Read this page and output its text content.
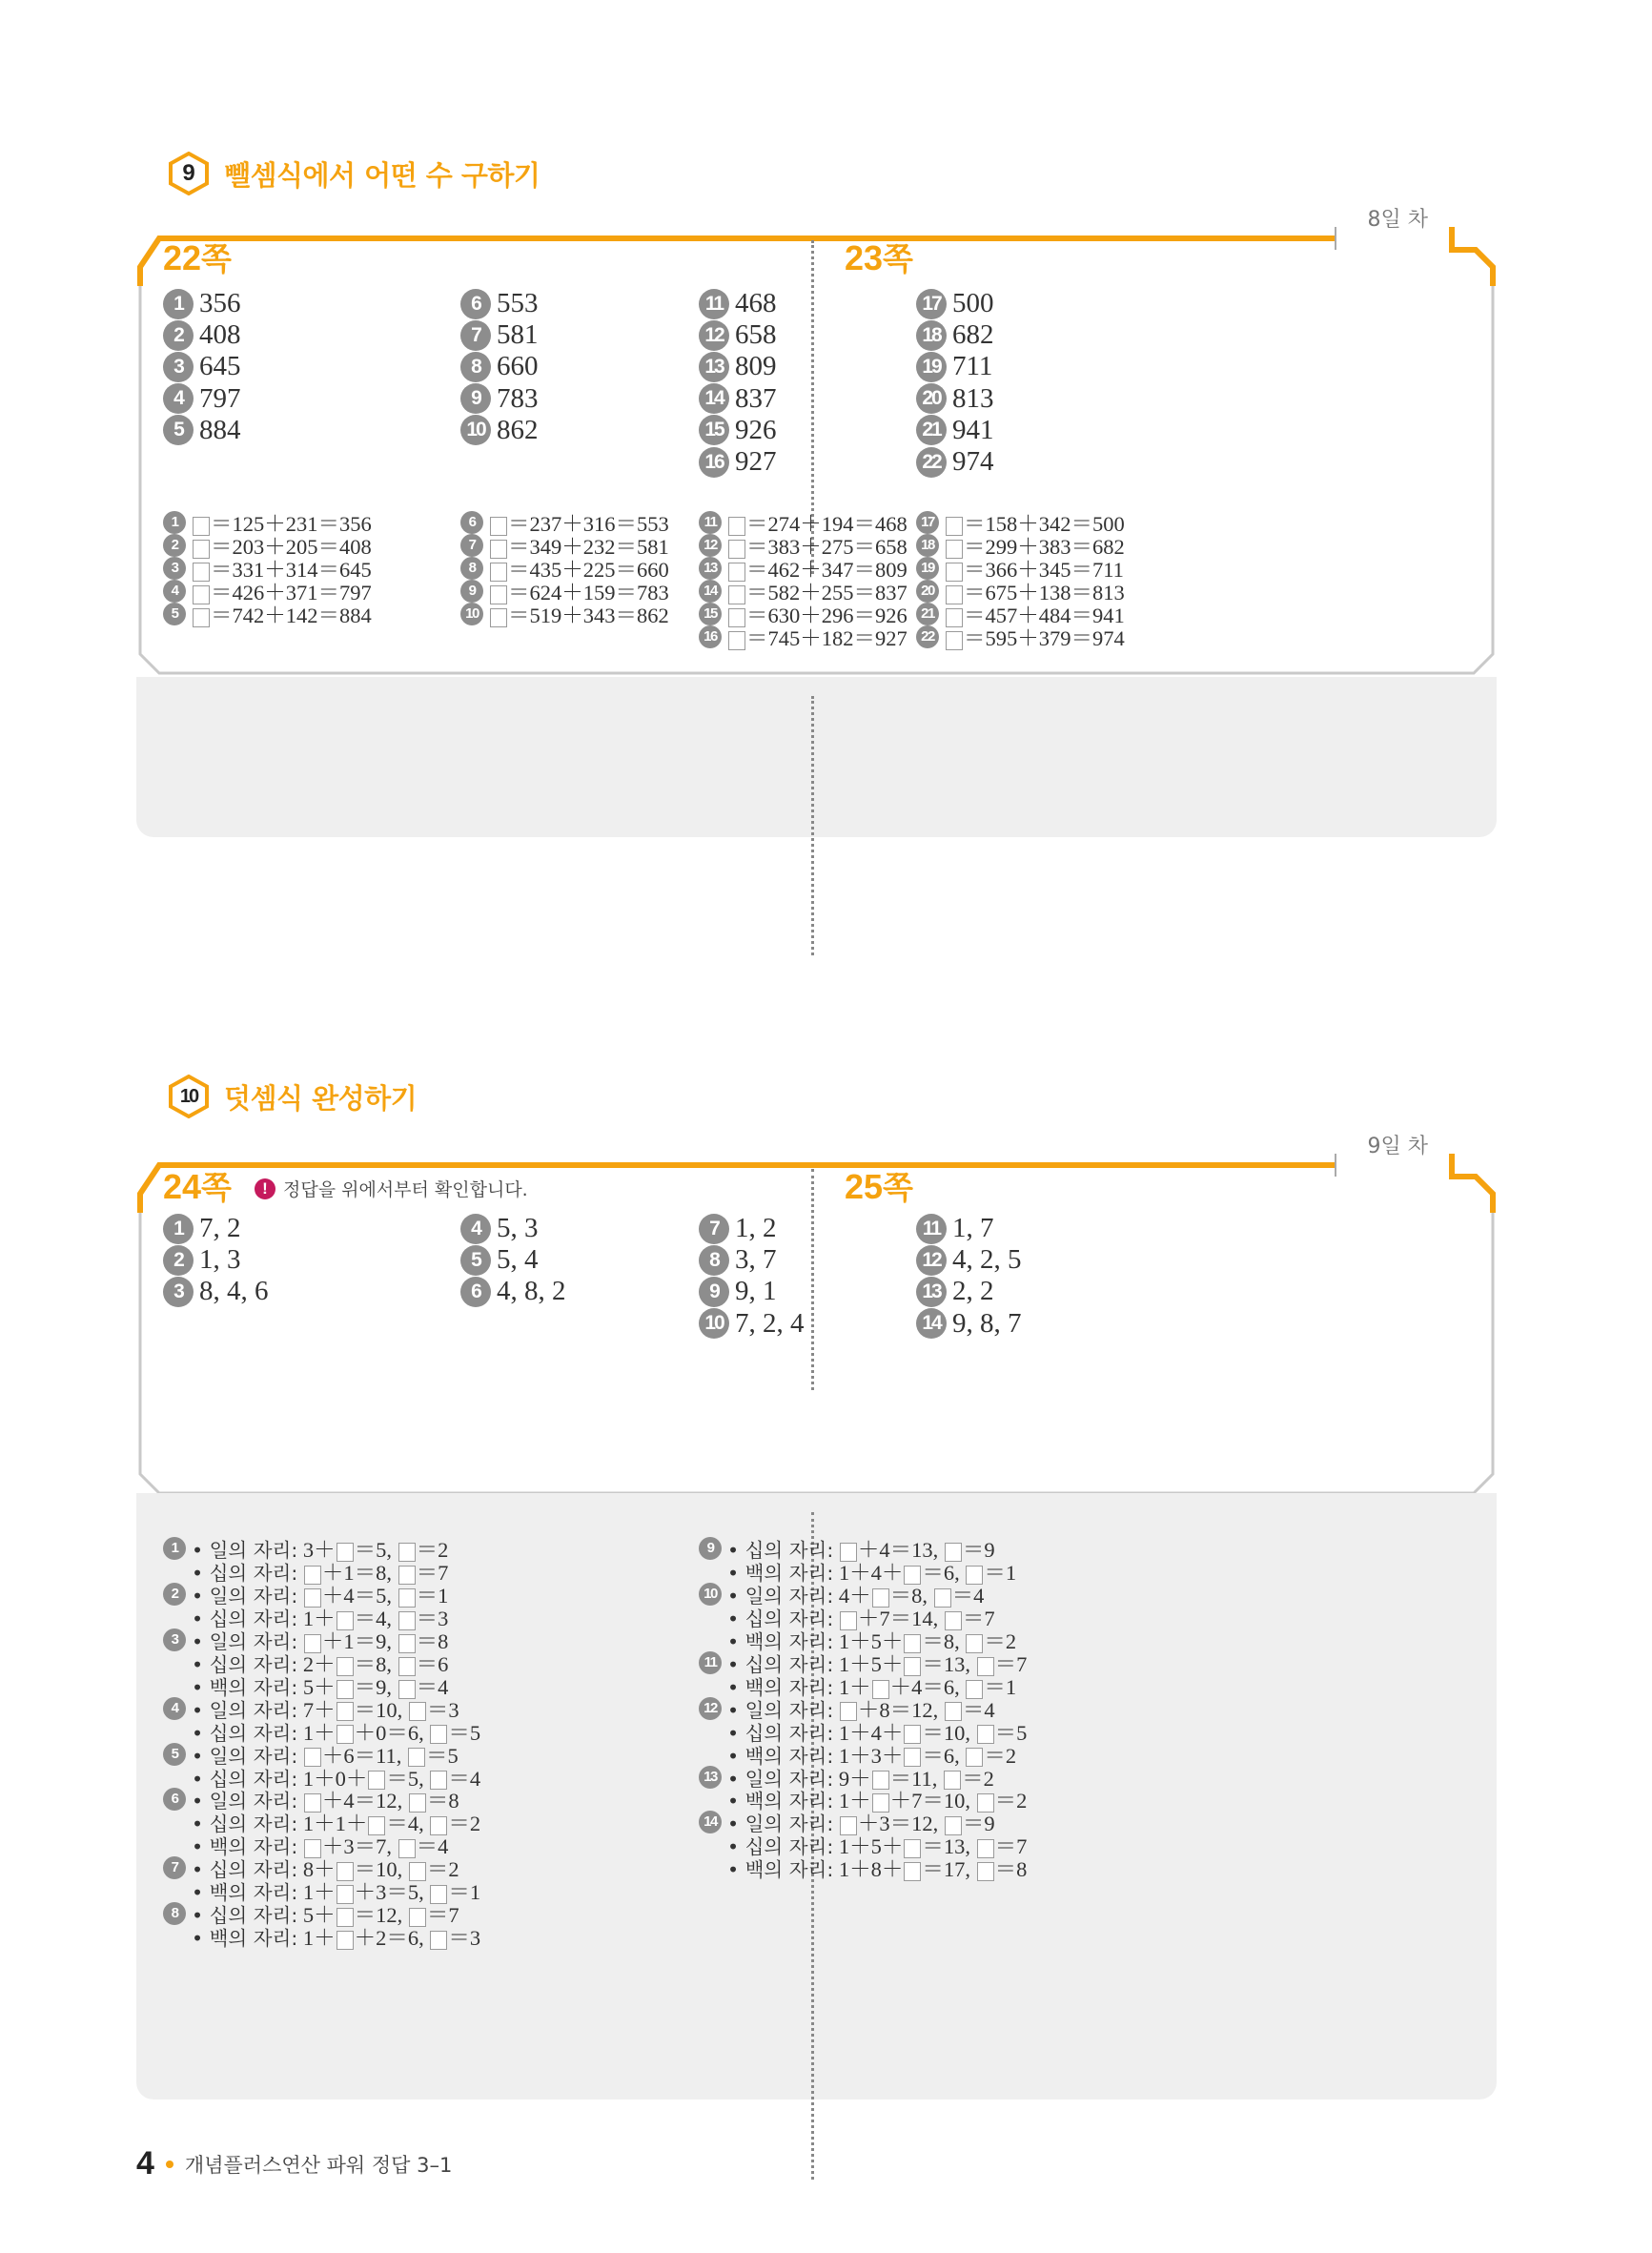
9	뺄셈식에서 어떤 수 구하기
8일 차
22쪽	23쪽
1 356
2 408
3 645
4 797
5 884
6 553
7 581
8 660
9 783
10 862
11 468
12 658
13 809
14 837
15 926
16 927
17 500
18 682
19 711
20 813
21 941
22 974
1	＝125＋231＝356
2	＝203＋205＝408
3	＝331＋314＝645
4	＝426＋371＝797
5	＝742＋142＝884
6	＝237＋316＝553
7	＝349＋232＝581
8	＝435＋225＝660
9	＝624＋159＝783
10	＝519＋343＝862
11	＝274＋194＝468
12	＝383＋275＝658
13	＝462＋347＝809
14	＝582＋255＝837
15	＝630＋296＝926
16	＝745＋182＝927
17	＝158＋342＝500
18	＝299＋383＝682
19	＝366＋345＝711
20	＝675＋138＝813
21	＝457＋484＝941
22	＝595＋379＝974
10 덧셈식 완성하기
9일 차
24쪽	! 정답을 위에서부터 확인합니다.	25쪽
1 7, 2
2 1, 3
3 8, 4, 6
4 5, 3
5 5, 4
6 4, 8, 2
7 1, 2
8 3, 7
9 9, 1
10 7, 2, 4
11 1, 7
12 4, 2, 5
13 2, 2
14 9, 8, 7
1 • 일의 자리: 3＋ ＝5, ＝2
• 십의 자리:	＋1＝8, ＝7
2 • 일의 자리:	＋4＝5, ＝1
• 십의 자리: 1＋ ＝4, ＝3
3 • 일의 자리:	＋1＝9, ＝8
• 십의 자리: 2＋ ＝8, ＝6
• 백의 자리: 5＋ ＝9, ＝4
4 • 일의 자리: 7＋ ＝10, ＝3
• 십의 자리: 1＋ ＋0＝6, ＝5
5 • 일의 자리:	＋6＝11, ＝5
• 십의 자리: 1＋0＋ ＝5, ＝4
6 • 일의 자리:	＋4＝12, ＝8
• 십의 자리: 1＋1＋ ＝4, ＝2
• 백의 자리:	＋3＝7, ＝4
7 • 십의 자리: 8＋ ＝10, ＝2
• 백의 자리: 1＋ ＋3＝5, ＝1
8 • 십의 자리: 5＋ ＝12, ＝7
• 백의 자리: 1＋ ＋2＝6, ＝3
9 • 십의 자리:	＋4＝13, ＝9
• 백의 자리: 1＋4＋ ＝6, ＝1
10 • 일의 자리: 4＋ ＝8, ＝4
• 십의 자리:	＋7＝14, ＝7
• 백의 자리: 1＋5＋ ＝8, ＝2
11 • 십의 자리: 1＋5＋ ＝13, ＝7
• 백의 자리: 1＋ ＋4＝6, ＝1
12 • 일의 자리:	＋8＝12, ＝4
• 십의 자리: 1＋4＋ ＝10, ＝5
• 백의 자리: 1＋3＋ ＝6, ＝2
13 • 일의 자리: 9＋ ＝11, ＝2
• 백의 자리: 1＋ ＋7＝10, ＝2
14 • 일의 자리:	＋3＝12, ＝9
• 십의 자리: 1＋5＋ ＝13, ＝7
• 백의 자리: 1＋8＋ ＝17, ＝8
4 개념플러스연산 파워 정답 3–1
